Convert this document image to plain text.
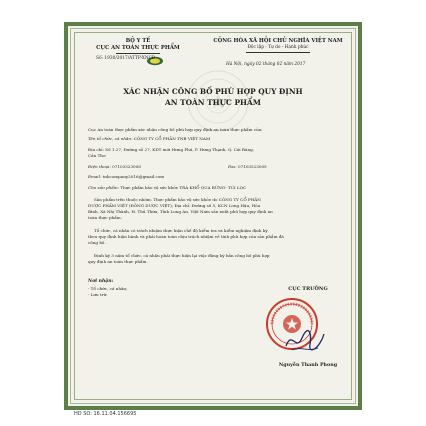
BỘ Y TẾ
CỤC AN TOÀN THỰC PHẨM
Số: 1930/2017/ATTP-XNCB
CỘNG HÒA XÃ HỘI CHỦ NGHĨA VIỆT NAM
Độc lập - Tự do - Hạnh phúc
Hà Nội, ngày 02 tháng 02 năm 2017
XÁC NHẬN CÔNG BỐ PHÙ HỢP QUY ĐỊNH
AN TOÀN THỰC PHẨM
Cục An toàn thực phẩm xác nhận công bố phù hợp quy định an toàn thực phẩm của:
Tên tổ chức, cá nhân: CÔNG TY CỔ PHẦN TNB VIỆT NAM
Địa chỉ: Số 1.27, Đường số 27, KDT mới Hưng Phú, P. Hưng Thạnh, Q. Cái Răng,
Cần Thơ
Điện thoại: 07103523008	Fax: 07103523009
Email: tnbcompany2016@gmail.com
Cho sản phẩm: Thực phẩm bảo vệ sức khỏe TRÀ KHỔ QUA RỪNG- TÚI LỌC
Sản phẩm trên thuộc nhóm: Thực phẩm bảo vệ sức khỏe do CÔNG TY CỔ PHẦN
DƯỢC PHẨM VIỆT (ĐÔNG DƯỢC VIỆT); Địa chỉ: Đường số 5, KCN Long Hậu, Hòa
Bình, Xã Nhị Thành, H. Thủ Thừa, Tỉnh Long An, Việt Nam sản xuất phù hợp quy định an
toàn thực phẩm.
Tổ chức, cá nhân có trách nhiệm thực hiện chế độ kiểm tra và kiểm nghiệm định kỳ
theo quy định hiện hành và phải hoàn toàn chịu trách nhiệm về tính phù hợp của sản phẩm đã
công bố.
Định kỳ 3 năm tổ chức, cá nhân phải thực hiện lại việc đăng ký bản công bố phù hợp
quy định an toàn thực phẩm.
Nơi nhận:
- Tổ chức, cá nhân;
- Lưu trữ.
CỤC TRƯỞNG
Nguyễn Thanh Phong
HD SO: 16.11.04.156695
